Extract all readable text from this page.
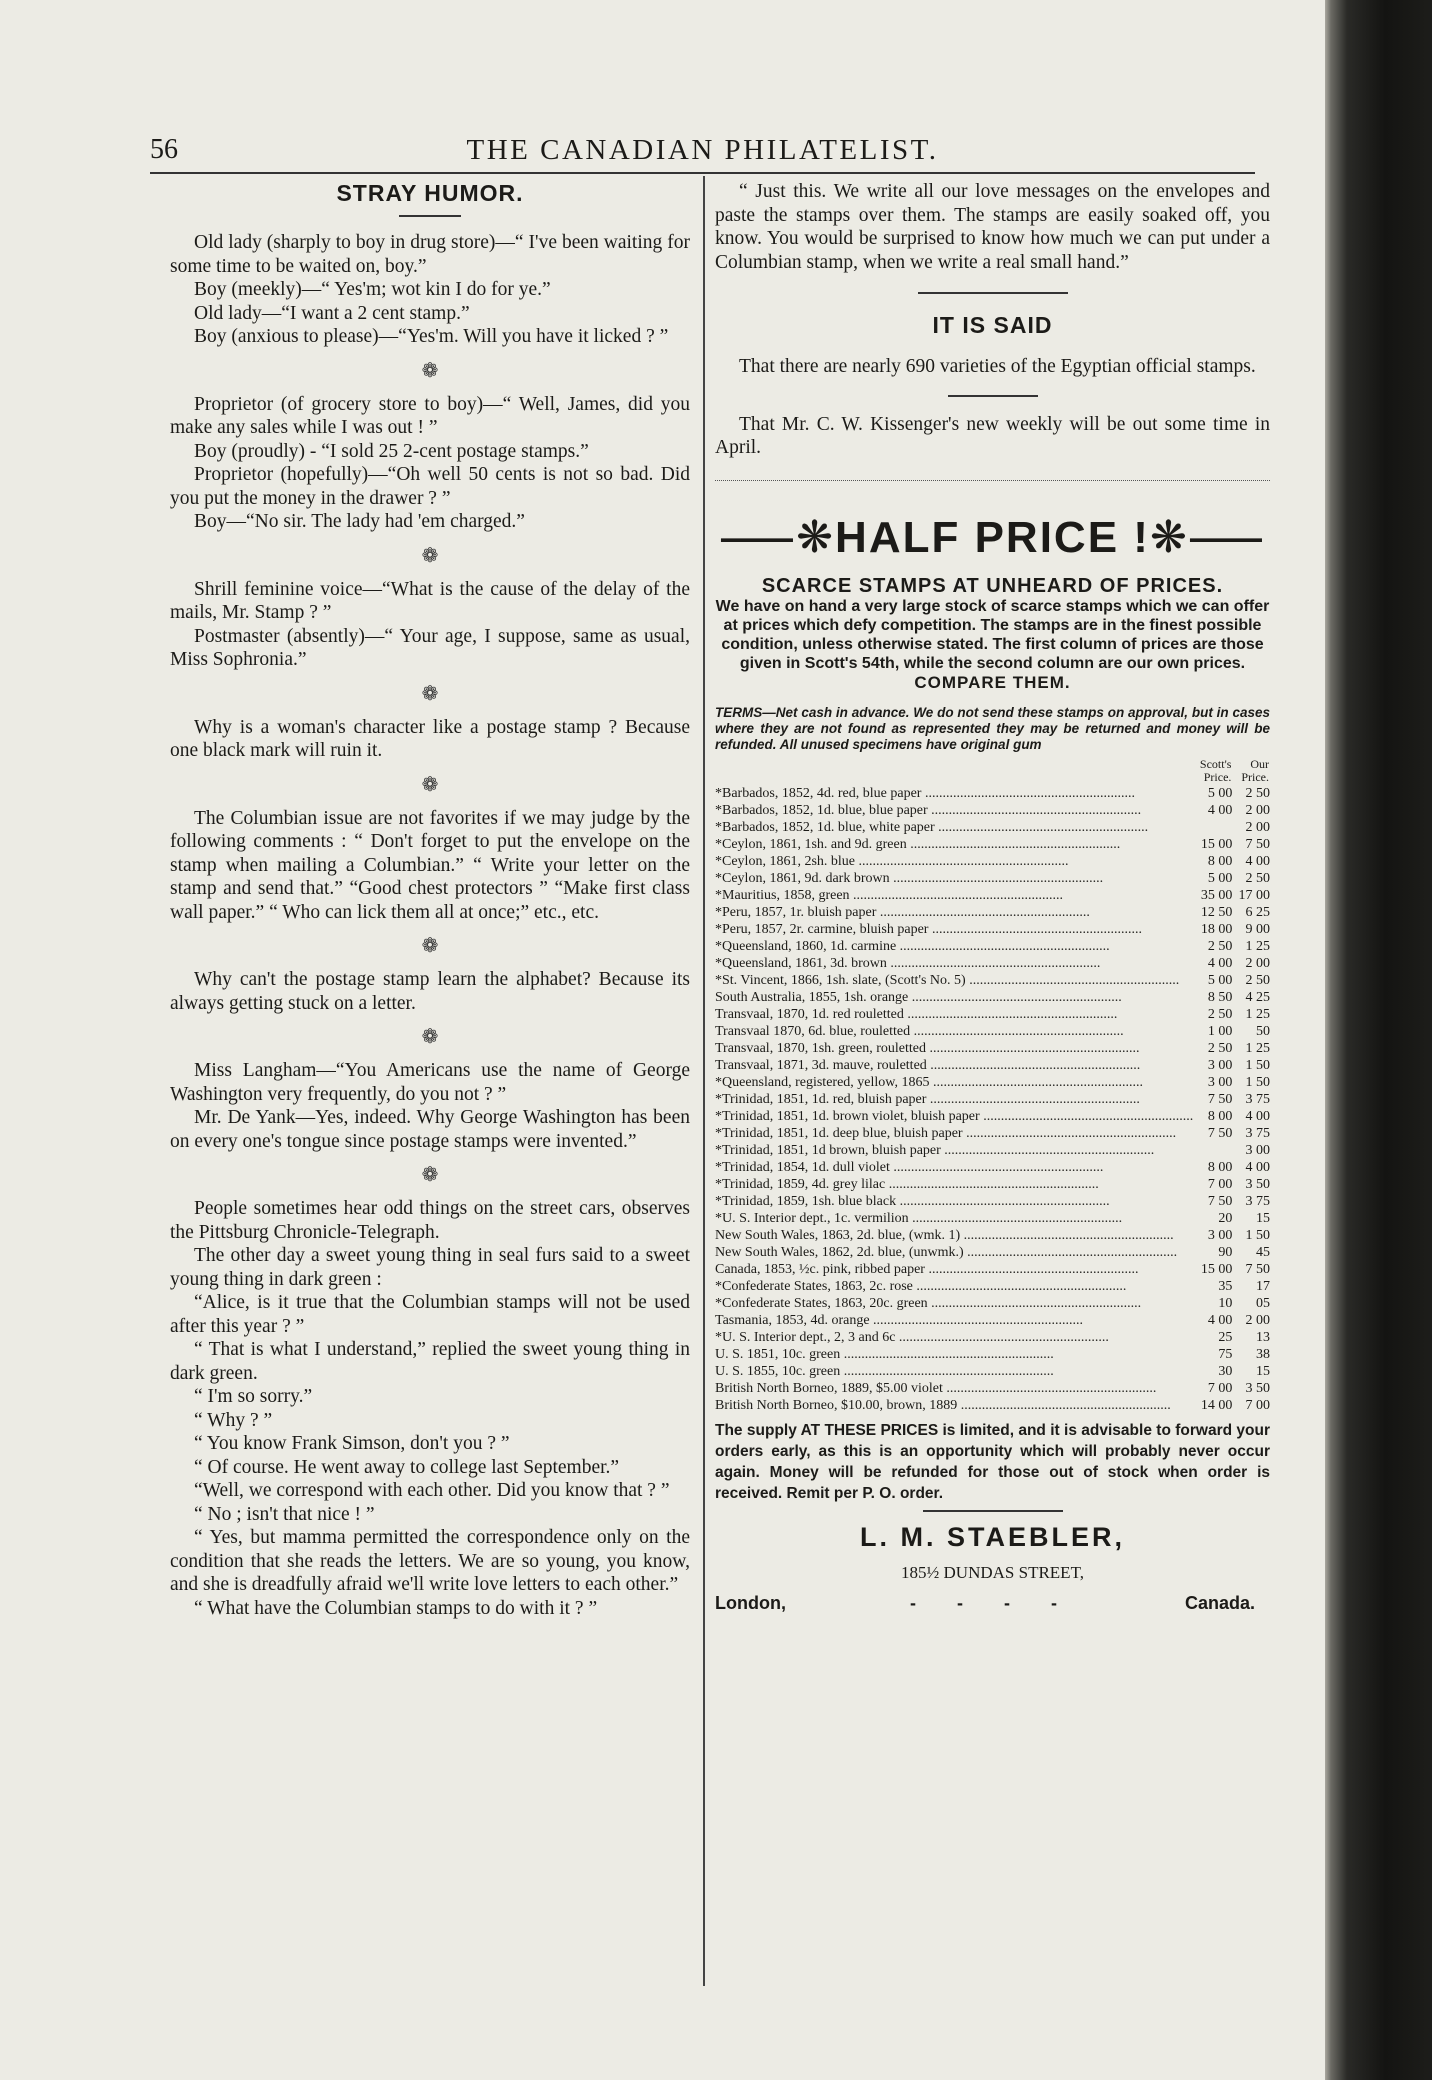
56	THE CANADIAN PHILATELIST.
STRAY HUMOR.

Old lady (sharply to boy in drug store)—“ I've been waiting for some time to be waited on, boy.”

Boy (meekly)—“ Yes'm; wot kin I do for ye.”

Old lady—“I want a 2 cent stamp.”

Boy (anxious to please)—“Yes'm. Will you have it licked ? ”

❁

Proprietor (of grocery store to boy)—“ Well, James, did you make any sales while I was out ! ”

Boy (proudly) - “I sold 25 2-cent postage stamps.”

Proprietor (hopefully)—“Oh well 50 cents is not so bad. Did you put the money in the drawer ? ”

Boy—“No sir. The lady had 'em charged.”

❁

Shrill feminine voice—“What is the cause of the delay of the mails, Mr. Stamp ? ”

Postmaster (absently)—“ Your age, I suppose, same as usual, Miss Sophronia.”

❁

Why is a woman's character like a postage stamp ? Because one black mark will ruin it.

❁

The Columbian issue are not favorites if we may judge by the following comments : “ Don't forget to put the envelope on the stamp when mailing a Columbian.” “ Write your letter on the stamp and send that.” “Good chest protectors ” “Make first class wall paper.” “ Who can lick them all at once;” etc., etc.

❁

Why can't the postage stamp learn the alphabet? Because its always getting stuck on a letter.

❁

Miss Langham—“You Americans use the name of George Washington very frequently, do you not ? ”

Mr. De Yank—Yes, indeed. Why George Washington has been on every one's tongue since postage stamps were invented.”

❁

People sometimes hear odd things on the street cars, observes the Pittsburg Chronicle-Telegraph.

The other day a sweet young thing in seal furs said to a sweet young thing in dark green :

“Alice, is it true that the Columbian stamps will not be used after this year ? ”

“ That is what I understand,” replied the sweet young thing in dark green.

“ I'm so sorry.”

“ Why ? ”

“ You know Frank Simson, don't you ? ”

“ Of course. He went away to college last September.”

“Well, we correspond with each other. Did you know that ? ”

“ No ; isn't that nice ! ”

“ Yes, but mamma permitted the correspondence only on the condition that she reads the letters. We are so young, you know, and she is dreadfully afraid we'll write love letters to each other.”

“ What have the Columbian stamps to do with it ? ”

“ Just this. We write all our love messages on the envelopes and paste the stamps over them. The stamps are easily soaked off, you know. You would be surprised to know how much we can put under a Columbian stamp, when we write a real small hand.”

IT IS SAID

That there are nearly 690 varieties of the Egyptian official stamps.

That Mr. C. W. Kissenger's new weekly will be out some time in April.

⸺❋HALF PRICE !❋⸺

SCARCE STAMPS AT UNHEARD OF PRICES.

We have on hand a very large stock of scarce stamps which we can offer at prices which defy competition. The stamps are in the finest possible condition, unless otherwise stated. The first column of prices are those given in Scott's 54th, while the second column are our own prices.

COMPARE THEM.

TERMS—Net cash in advance. We do not send these stamps on approval, but in cases where they are not found as represented they may be returned and money will be refunded. All unused specimens have original gum

	Scott's Price.	Our Price.
*Barbados, 1852, 4d. red, blue paper ............................................................	5 00	2 50
*Barbados, 1852, 1d. blue, blue paper ............................................................	4 00	2 00
*Barbados, 1852, 1d. blue, white paper ............................................................		2 00
*Ceylon, 1861, 1sh. and 9d. green ............................................................	15 00	7 50
*Ceylon, 1861, 2sh. blue ............................................................	8 00	4 00
*Ceylon, 1861, 9d. dark brown ............................................................	5 00	2 50
*Mauritius, 1858, green ............................................................	35 00	17 00
*Peru, 1857, 1r. bluish paper ............................................................	12 50	6 25
*Peru, 1857, 2r. carmine, bluish paper ............................................................	18 00	9 00
*Queensland, 1860, 1d. carmine ............................................................	2 50	1 25
*Queensland, 1861, 3d. brown ............................................................	4 00	2 00
*St. Vincent, 1866, 1sh. slate, (Scott's No. 5) ............................................................	5 00	2 50
South Australia, 1855, 1sh. orange ............................................................	8 50	4 25
Transvaal, 1870, 1d. red rouletted ............................................................	2 50	1 25
Transvaal 1870, 6d. blue, rouletted ............................................................	1 00	50
Transvaal, 1870, 1sh. green, rouletted ............................................................	2 50	1 25
Transvaal, 1871, 3d. mauve, rouletted ............................................................	3 00	1 50
*Queensland, registered, yellow, 1865 ............................................................	3 00	1 50
*Trinidad, 1851, 1d. red, bluish paper ............................................................	7 50	3 75
*Trinidad, 1851, 1d. brown violet, bluish paper ............................................................	8 00	4 00
*Trinidad, 1851, 1d. deep blue, bluish paper ............................................................	7 50	3 75
*Trinidad, 1851, 1d brown, bluish paper ............................................................		3 00
*Trinidad, 1854, 1d. dull violet ............................................................	8 00	4 00
*Trinidad, 1859, 4d. grey lilac ............................................................	7 00	3 50
*Trinidad, 1859, 1sh. blue black ............................................................	7 50	3 75
*U. S. Interior dept., 1c. vermilion ............................................................	20	15
New South Wales, 1863, 2d. blue, (wmk. 1) ............................................................	3 00	1 50
New South Wales, 1862, 2d. blue, (unwmk.) ............................................................	90	45
Canada, 1853, ½c. pink, ribbed paper ............................................................	15 00	7 50
*Confederate States, 1863, 2c. rose ............................................................	35	17
*Confederate States, 1863, 20c. green ............................................................	10	05
Tasmania, 1853, 4d. orange ............................................................	4 00	2 00
*U. S. Interior dept., 2, 3 and 6c ............................................................	25	13
U. S. 1851, 10c. green ............................................................	75	38
U. S. 1855, 10c. green ............................................................	30	15
British North Borneo, 1889, $5.00 violet ............................................................	7 00	3 50
British North Borneo, $10.00, brown, 1889 ............................................................	14 00	7 00

The supply AT THESE PRICES is limited, and it is advisable to forward your orders early, as this is an opportunity which will probably never occur again. Money will be refunded for those out of stock when order is received. Remit per P. O. order.

L. M. STAEBLER,

185½ DUNDAS STREET,

London,	- - - -	Canada.
